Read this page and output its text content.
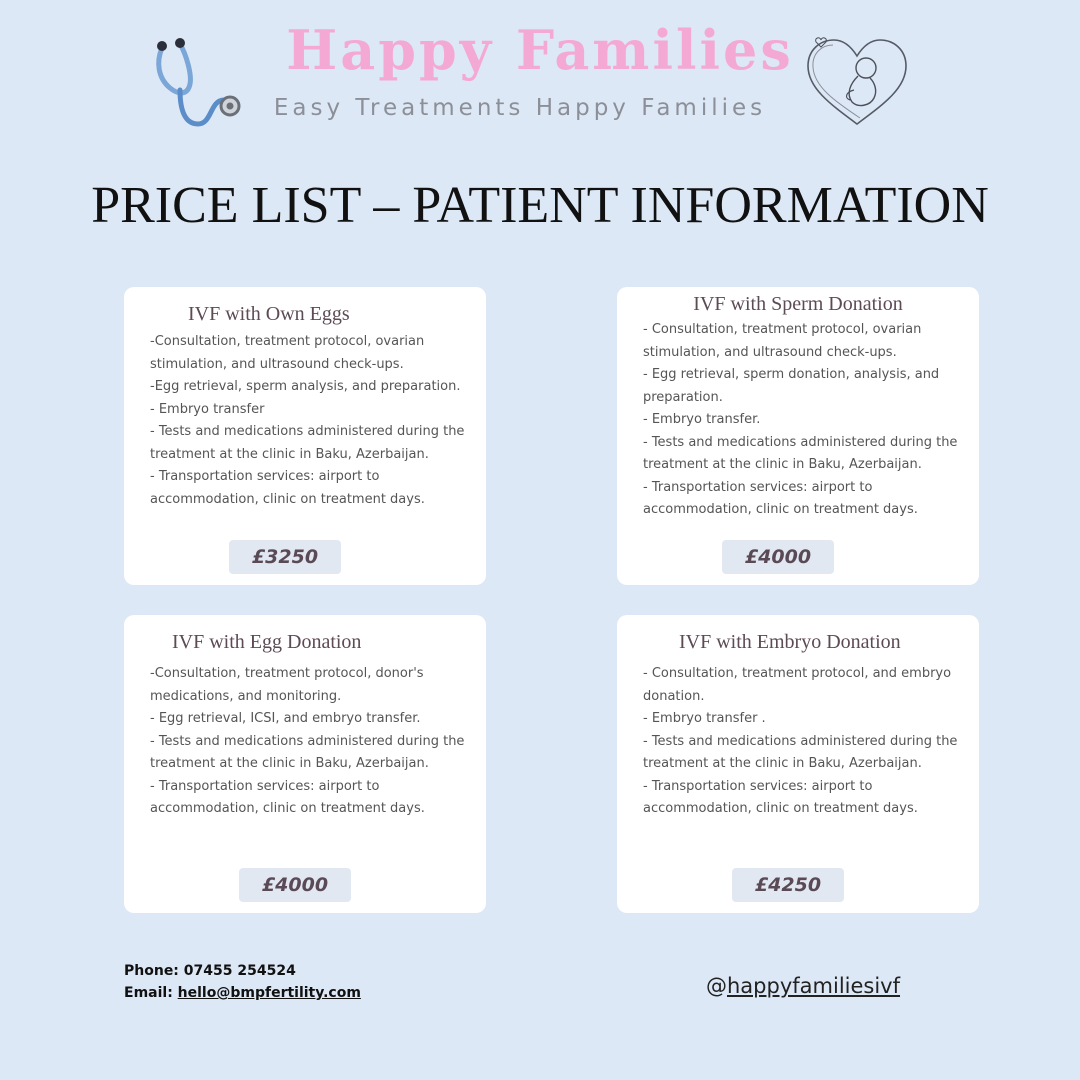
Happy Families
Easy Treatments Happy Families
PRICE LIST – PATIENT INFORMATION
IVF with Own Eggs
-Consultation, treatment protocol, ovarian stimulation, and ultrasound check-ups.
-Egg retrieval, sperm analysis, and preparation.
- Embryo transfer
- Tests and medications administered during the treatment at the clinic in Baku, Azerbaijan.
- Transportation services: airport to accommodation, clinic on treatment days.
£3250
IVF with Sperm Donation
- Consultation, treatment protocol, ovarian stimulation, and ultrasound check-ups.
- Egg retrieval, sperm donation, analysis, and preparation.
- Embryo transfer.
- Tests and medications administered during the treatment at the clinic in Baku, Azerbaijan.
- Transportation services: airport to accommodation, clinic on treatment days.
£4000
IVF with Egg Donation
-Consultation, treatment protocol, donor's medications, and monitoring.
- Egg retrieval, ICSI, and embryo transfer.
- Tests and medications administered during the treatment at the clinic in Baku, Azerbaijan.
- Transportation services: airport to accommodation, clinic on treatment days.
£4000
IVF with Embryo Donation
- Consultation, treatment protocol, and embryo donation.
- Embryo transfer .
- Tests and medications administered during the treatment at the clinic in Baku, Azerbaijan.
- Transportation services: airport to accommodation, clinic on treatment days.
£4250
Phone: 07455 254524
Email: hello@bmpfertility.com	@happyfamiliesivf
